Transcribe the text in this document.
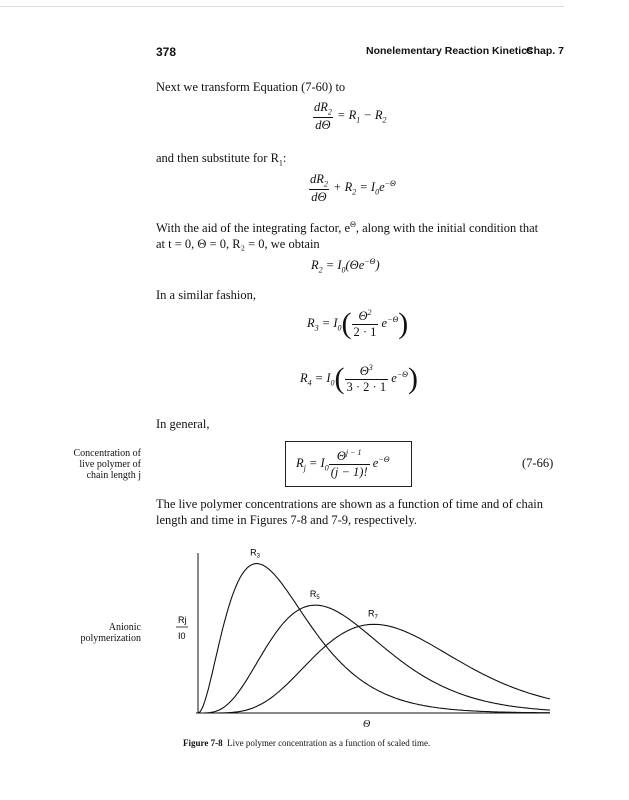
378	Nonelementary Reaction Kinetics
Chap. 7
Next we transform Equation (7-60) to
$\frac{dR_2}{d\Theta} = R_1 - R_2$
and then substitute for $R_1$:
$\frac{dR_2}{d\Theta} + R_2 = I_0e^{-\Theta}$
With the aid of the integrating factor, $e^\Theta$, along with the initial condition that
at t = 0, Θ = 0, R₂ = 0, we obtain
$R_2 = I_0(\Theta e^{-\Theta})$
In a similar fashion,
$R_3 = I_0( \frac{\Theta^2}{2 \cdot 1} e^{-\Theta})$
$R_4 = I_0( \frac{\Theta^3}{3 \cdot 2 \cdot 1} e^{-\Theta})$
In general,
Concentration of
live polymer of
chain length j
$R_j = I_0 \frac{\Theta^{j - 1}}{(j - 1)!} e^{-\Theta}$	(7-66)
The live polymer concentrations are shown as a function of time and of chain
length and time in Figures 7-8 and 7-9, respectively.
Anionic
polymerization
Rj
I0
Θ
$R_3$
$R_5$
$R_7$
Figure 7-8 Live polymer concentration as a function of scaled time.
